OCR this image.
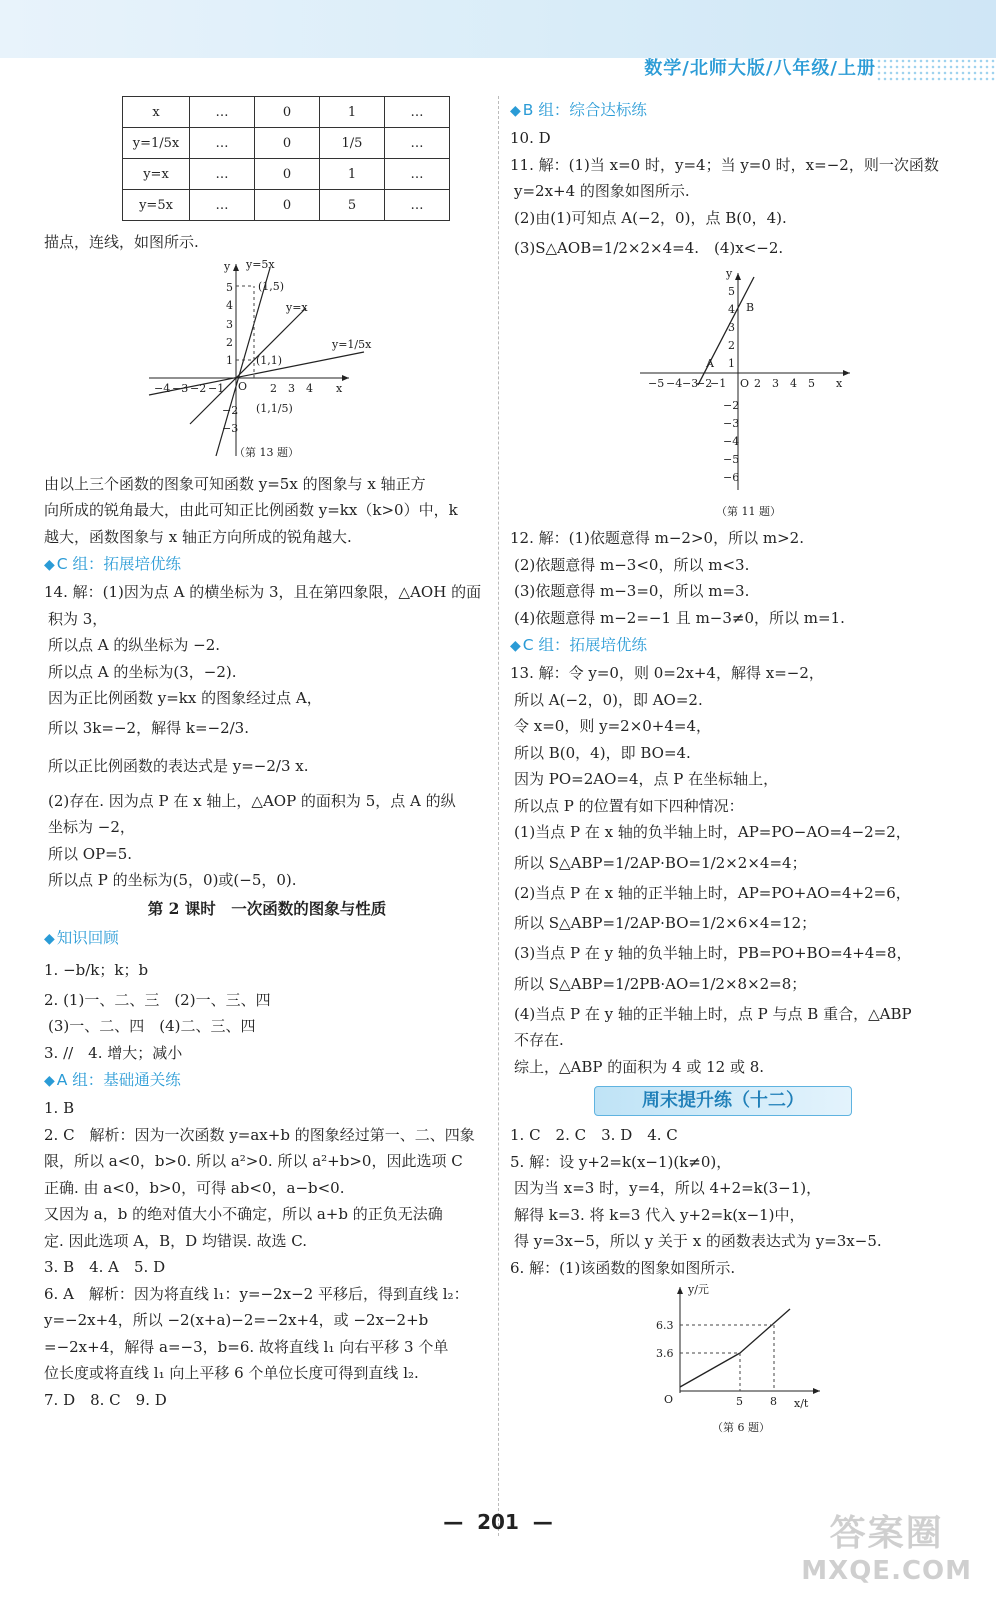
数学/北师大版/八年级/上册
x	…	0	1	…
y=1/5x	…	0	1/5	…
y=x	…	0	1	…
y=5x	…	0	5	…

描点，连线，如图所示.

y=5x
y=x
y=1/5x
(1,5)
(1,1)
(1,1/5)
y
x
O
5
4
3
2
1
2 3 4
−4 −3 −2 −1
−2
−3
（第 13 题）

由以上三个函数的图象可知函数 y=5x 的图象与 x 轴正方

向所成的锐角最大，由此可知正比例函数 y=kx（k>0）中，k

越大，函数图象与 x 轴正方向所成的锐角越大.

◆ C 组：拓展培优练

14. 解：(1)因为点 A 的横坐标为 3，且在第四象限，△AOH 的面

积为 3，

所以点 A 的纵坐标为 −2.

所以点 A 的坐标为(3，−2).

因为正比例函数 y=kx 的图象经过点 A，

所以 3k=−2，解得 k=−2/3.

所以正比例函数的表达式是 y=−2/3 x.

(2)存在. 因为点 P 在 x 轴上，△AOP 的面积为 5，点 A 的纵

坐标为 −2，

所以 OP=5.

所以点 P 的坐标为(5，0)或(−5，0).

第 2 课时　一次函数的图象与性质
◆ 知识回顾

1. −b/k；k；b

2. (1)一、二、三　(2)一、三、四

(3)一、二、四　(4)二、三、四

3. //　4. 增大；减小

◆ A 组：基础通关练

1. B

2. C　解析：因为一次函数 y=ax+b 的图象经过第一、二、四象

限，所以 a<0，b>0. 所以 a²>0. 所以 a²+b>0，因此选项 C

正确. 由 a<0，b>0，可得 ab<0，a−b<0.

又因为 a，b 的绝对值大小不确定，所以 a+b 的正负无法确

定. 因此选项 A，B，D 均错误. 故选 C.

3. B　4. A　5. D

6. A　解析：因为将直线 l₁：y=−2x−2 平移后，得到直线 l₂：

y=−2x+4，所以 −2(x+a)−2=−2x+4，或 −2x−2+b

=−2x+4，解得 a=−3，b=6. 故将直线 l₁ 向右平移 3 个单

位长度或将直线 l₁ 向上平移 6 个单位长度可得到直线 l₂.

7. D　8. C　9. D

◆ B 组：综合达标练

10. D

11. 解：(1)当 x=0 时，y=4；当 y=0 时，x=−2，则一次函数

y=2x+4 的图象如图所示.

(2)由(1)可知点 A(−2，0)，点 B(0，4).

(3)S△AOB=1/2×2×4=4.　(4)x<−2.

A
B
y
x
O
5
4
3
2
1
−2
−3
−4
−5
−6
−5 −4 −3
−2
−1	2 3 4 5
（第 11 题）

12. 解：(1)依题意得 m−2>0，所以 m>2.

(2)依题意得 m−3<0，所以 m<3.

(3)依题意得 m−3=0，所以 m=3.

(4)依题意得 m−2=−1 且 m−3≠0，所以 m=1.

◆ C 组：拓展培优练

13. 解：令 y=0，则 0=2x+4，解得 x=−2，

所以 A(−2，0)，即 AO=2.

令 x=0，则 y=2×0+4=4，

所以 B(0，4)，即 BO=4.

因为 PO=2AO=4，点 P 在坐标轴上，

所以点 P 的位置有如下四种情况：

(1)当点 P 在 x 轴的负半轴上时，AP=PO−AO=4−2=2，

所以 S△ABP=1/2AP·BO=1/2×2×4=4；

(2)当点 P 在 x 轴的正半轴上时，AP=PO+AO=4+2=6，

所以 S△ABP=1/2AP·BO=1/2×6×4=12；

(3)当点 P 在 y 轴的负半轴上时，PB=PO+BO=4+4=8，

所以 S△ABP=1/2PB·AO=1/2×8×2=8；

(4)当点 P 在 y 轴的正半轴上时，点 P 与点 B 重合，△ABP

不存在.

综上，△ABP 的面积为 4 或 12 或 8.

周末提升练（十二）

1. C　2. C　3. D　4. C

5. 解：设 y+2=k(x−1)(k≠0)，

因为当 x=3 时，y=4，所以 4+2=k(3−1)，

解得 k=3. 将 k=3 代入 y+2=k(x−1)中，

得 y=3x−5，所以 y 关于 x 的函数表达式为 y=3x−5.

6. 解：(1)该函数的图象如图所示.

y/元
x/t
6.3
3.6
5 8
O
（第 6 题）
—  201  —	答案圈
MXQE.COM
